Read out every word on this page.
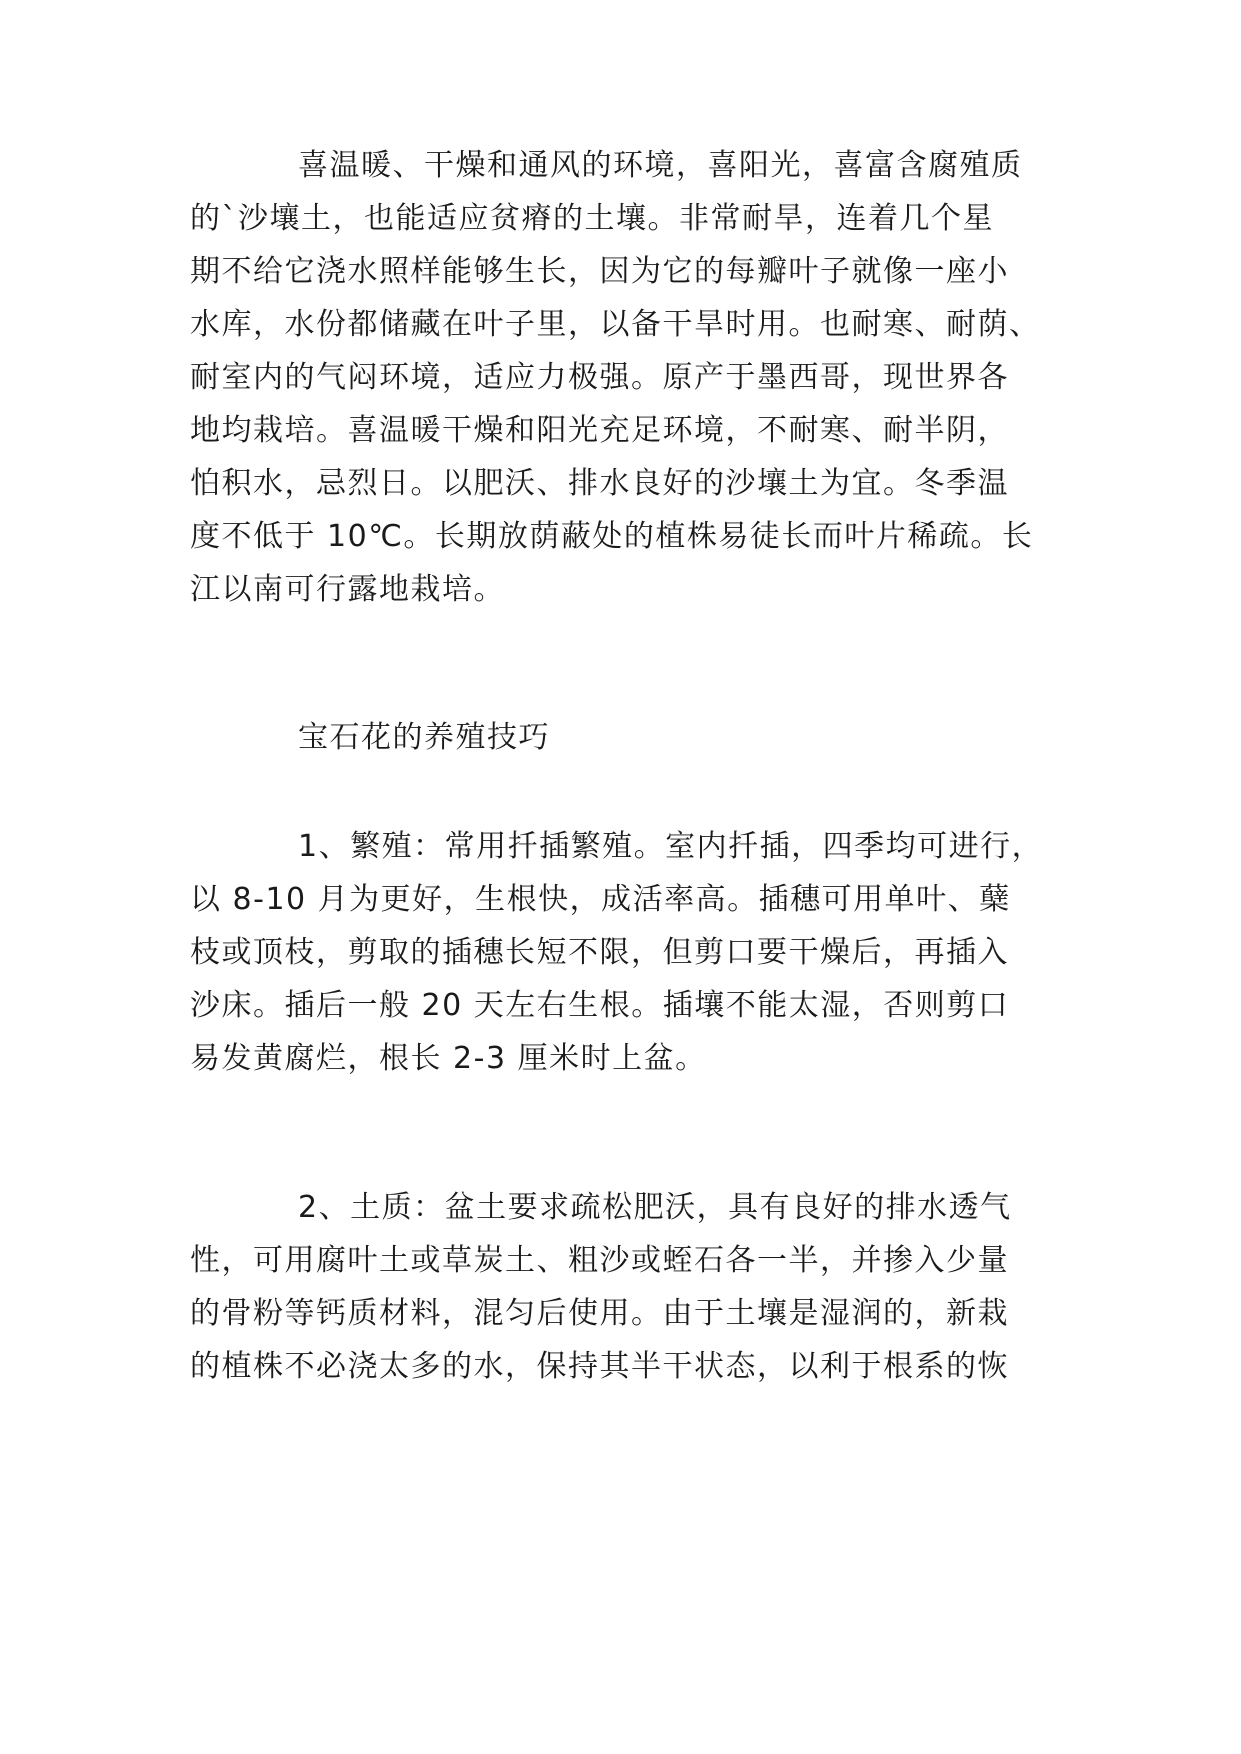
喜温暖、干燥和通风的环境，喜阳光，喜富含腐殖质
的`沙壤土，也能适应贫瘠的土壤。非常耐旱，连着几个星
期不给它浇水照样能够生长，因为它的每瓣叶子就像一座小
水库，水份都储藏在叶子里，以备干旱时用。也耐寒、耐荫、
耐室内的气闷环境，适应力极强。原产于墨西哥，现世界各
地均栽培。喜温暖干燥和阳光充足环境，不耐寒、耐半阴，
怕积水，忌烈日。以肥沃、排水良好的沙壤土为宜。冬季温
度不低于 10℃。长期放荫蔽处的植株易徒长而叶片稀疏。长
江以南可行露地栽培。
宝石花的养殖技巧
1、繁殖：常用扦插繁殖。室内扦插，四季均可进行，
以 8-10 月为更好，生根快，成活率高。插穗可用单叶、蘖
枝或顶枝，剪取的插穗长短不限，但剪口要干燥后，再插入
沙床。插后一般 20 天左右生根。插壤不能太湿，否则剪口
易发黄腐烂，根长 2-3 厘米时上盆。
2、土质：盆土要求疏松肥沃，具有良好的排水透气
性，可用腐叶土或草炭土、粗沙或蛭石各一半，并掺入少量
的骨粉等钙质材料，混匀后使用。由于土壤是湿润的，新栽
的植株不必浇太多的水，保持其半干状态，以利于根系的恢
